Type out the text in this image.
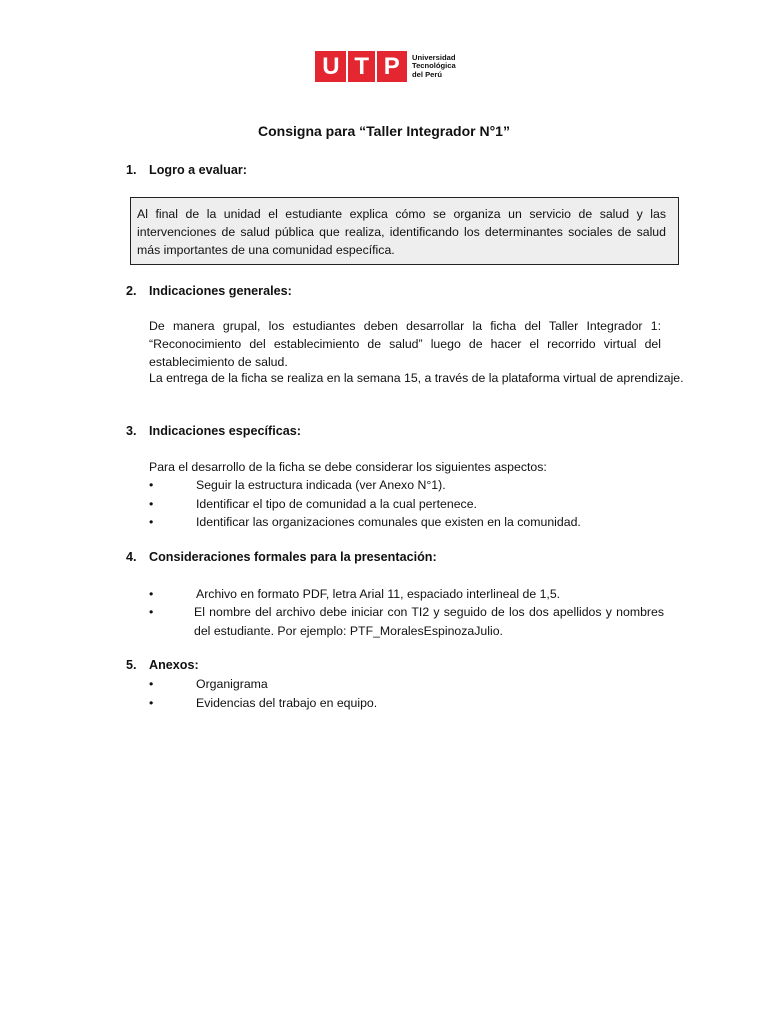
U T P Universidad
Tecnológica
del Perú
Consigna para “Taller Integrador N°1”
1. Logro a evaluar:
Al final de la unidad el estudiante explica cómo se organiza un servicio de salud y las intervenciones de salud pública que realiza, identificando los determinantes sociales de salud más importantes de una comunidad específica.
2. Indicaciones generales:
De manera grupal, los estudiantes deben desarrollar la ficha del Taller Integrador 1: “Reconocimiento del establecimiento de salud” luego de hacer el recorrido virtual del establecimiento de salud.
La entrega de la ficha se realiza en la semana 15, a través de la plataforma virtual de aprendizaje.
3. Indicaciones específicas:
Para el desarrollo de la ficha se debe considerar los siguientes aspectos:
•	Seguir la estructura indicada (ver Anexo N°1).
•	Identificar el tipo de comunidad a la cual pertenece.
•	Identificar las organizaciones comunales que existen en la comunidad.
4. Consideraciones formales para la presentación:
•	Archivo en formato PDF, letra Arial 11, espaciado interlineal de 1,5.
•	El nombre del archivo debe iniciar con TI2 y seguido de los dos apellidos y nombres del estudiante. Por ejemplo: PTF_MoralesEspinozaJulio.
5. Anexos:
•	Organigrama
•	Evidencias del trabajo en equipo.
